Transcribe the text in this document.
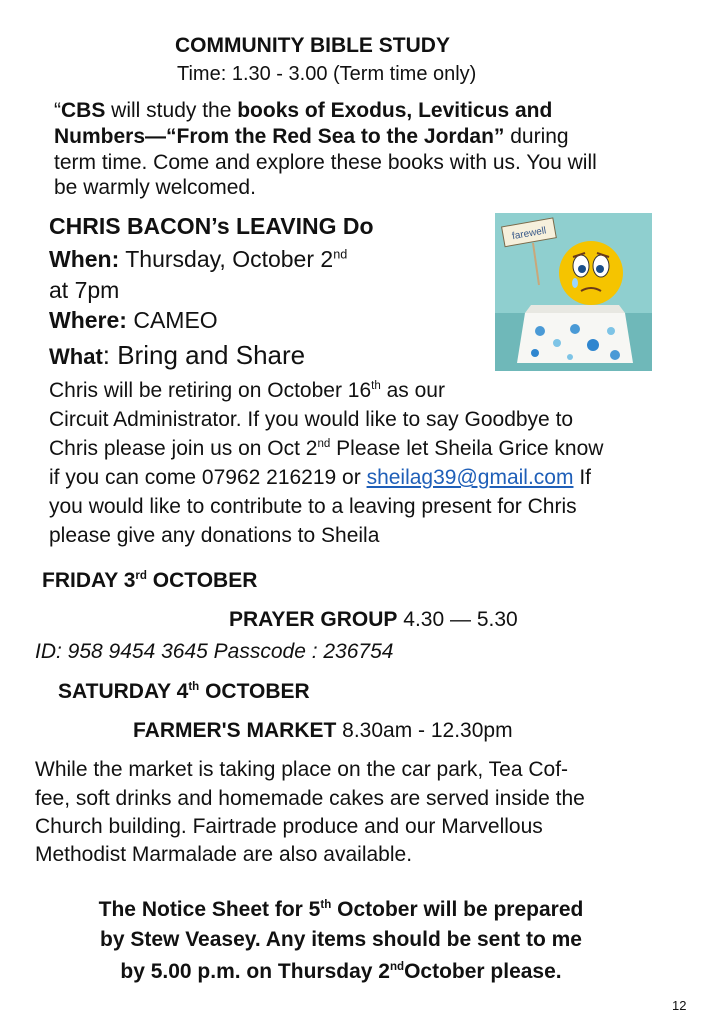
COMMUNITY BIBLE STUDY
Time: 1.30 - 3.00 (Term time only)
“CBS will study the books of Exodus, Leviticus and
Numbers—“From the Red Sea to the Jordan” during
term time. Come and explore these books with us. You will
be warmly welcomed.
CHRIS BACON’s LEAVING Do
When: Thursday, October 2nd
at 7pm
Where: CAMEO
What: Bring and Share
farewell
Chris will be retiring on October 16th as our
Circuit Administrator. If you would like to say Goodbye to
Chris please join us on Oct 2nd Please let Sheila Grice know
if you can come 07962 216219 or sheilag39@gmail.com If
you would like to contribute to a leaving present for Chris
please give any donations to Sheila
FRIDAY 3rd OCTOBER
PRAYER GROUP 4.30 — 5.30
ID: 958 9454 3645 Passcode : 236754
SATURDAY 4th OCTOBER
FARMER'S MARKET 8.30am - 12.30pm
While the market is taking place on the car park, Tea Cof-
fee, soft drinks and homemade cakes are served inside the
Church building. Fairtrade produce and our Marvellous
Methodist Marmalade are also available.
The Notice Sheet for 5th October will be prepared
by Stew Veasey. Any items should be sent to me
by 5.00 p.m. on Thursday 2ndOctober please.
12
